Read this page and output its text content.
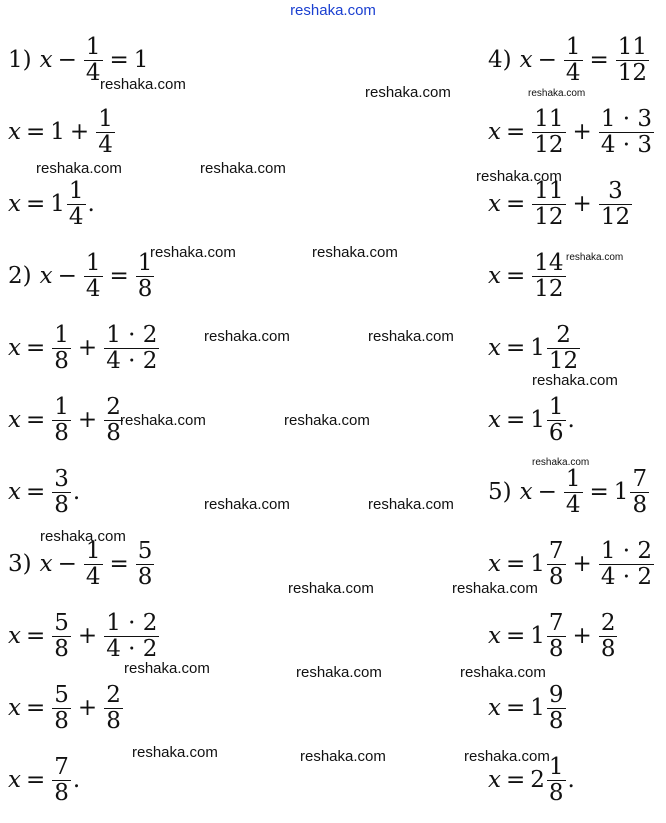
reshaka.com
1) $x - \frac{1}{4} = 1$
$x = 1 + \frac{1}{4}$
$x = 1 \frac{1}{4}$ .
2) $x - \frac{1}{4} = \frac{1}{8}$
$x = \frac{1}{8} + \frac{1 \cdot 2}{4 \cdot 2}$
$x = \frac{1}{8} + \frac{2}{8}$
$x = \frac{3}{8}$ .
3) $x - \frac{1}{4} = \frac{5}{8}$
$x = \frac{5}{8} + \frac{1 \cdot 2}{4 \cdot 2}$
$x = \frac{5}{8} + \frac{2}{8}$
$x = \frac{7}{8}$ .
4) $x - \frac{1}{4} = \frac{11}{12}$
$x = \frac{11}{12} + \frac{1 \cdot 3}{4 \cdot 3}$
$x = \frac{11}{12} + \frac{3}{12}$
$x = \frac{14}{12}$
$x = 1 \frac{2}{12}$
$x = 1 \frac{1}{6}$ .
5) $x - \frac{1}{4} = 1 \frac{7}{8}$
$x = 1 \frac{7}{8} + \frac{1 \cdot 2}{4 \cdot 2}$
$x = 1 \frac{7}{8} + \frac{2}{8}$
$x = 1 \frac{9}{8}$
$x = 2 \frac{1}{8}$ .
reshaka.com	reshaka.com	reshaka.com
reshaka.com	reshaka.com	reshaka.com
reshaka.com	reshaka.com	reshaka.com
reshaka.com	reshaka.com
reshaka.com
reshaka.com	reshaka.com
reshaka.com
reshaka.com	reshaka.com
reshaka.com
reshaka.com	reshaka.com
reshaka.com	reshaka.com	reshaka.com
reshaka.com	reshaka.com	reshaka.com
